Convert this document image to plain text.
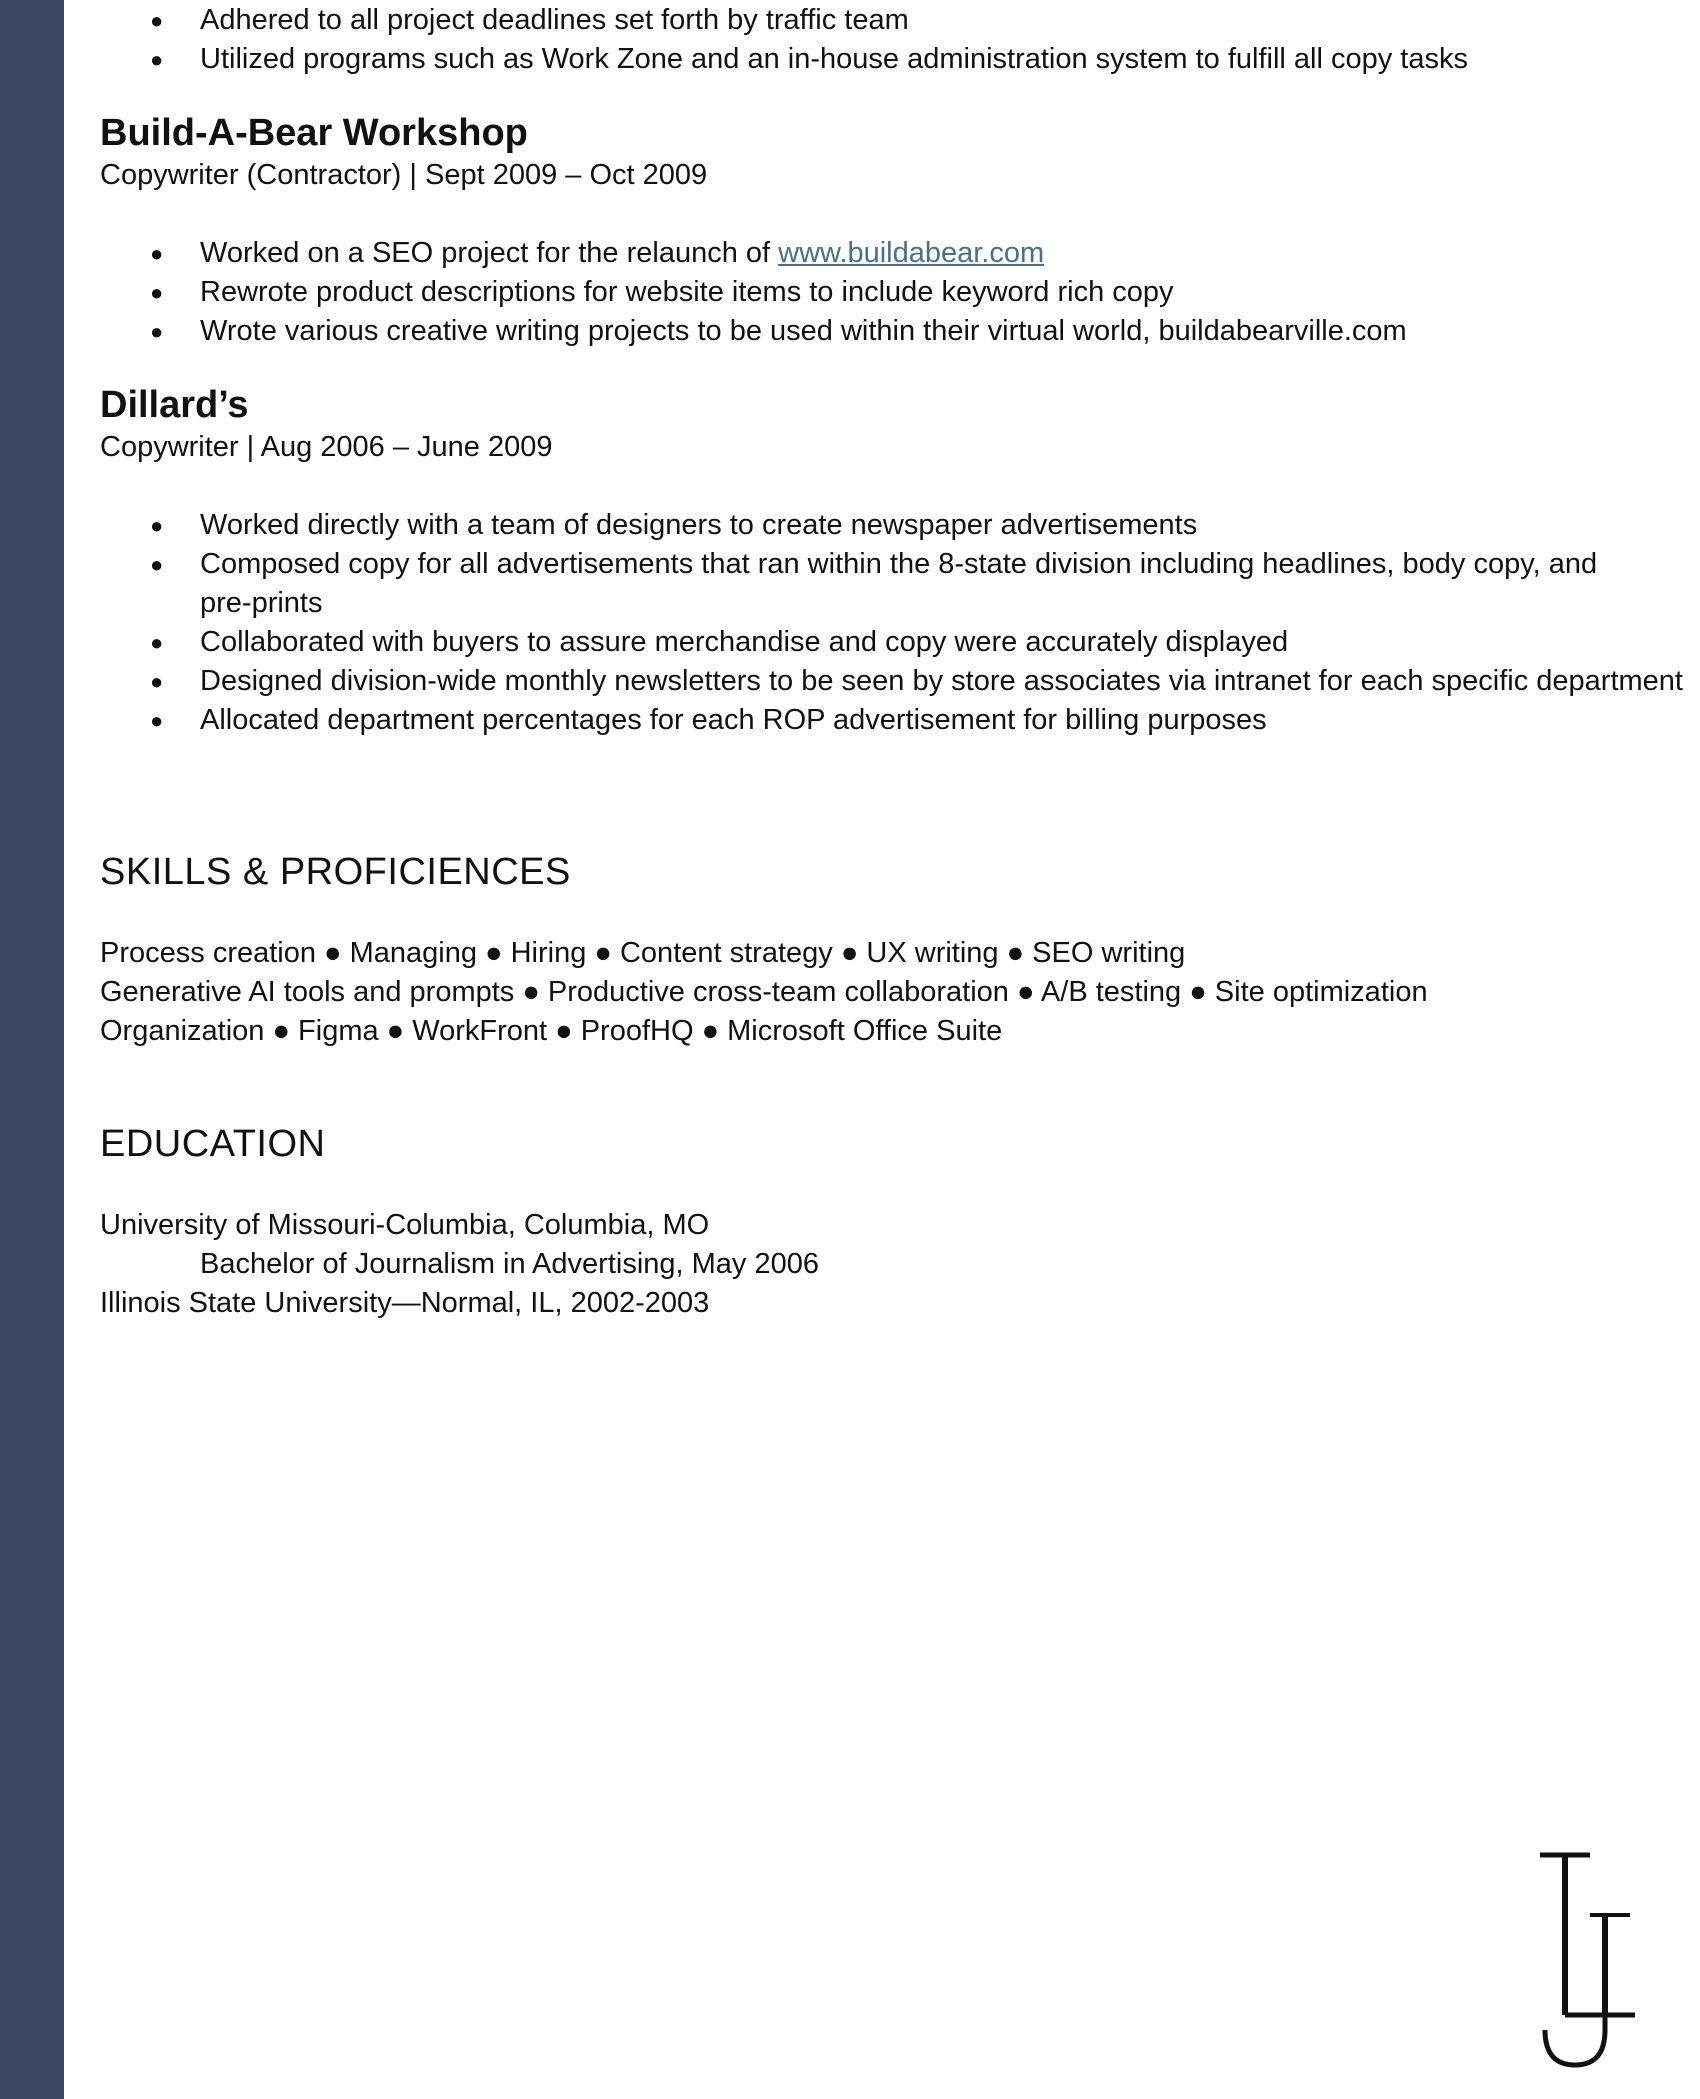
● Adhered to all project deadlines set forth by traffic team
● Utilized programs such as Work Zone and an in-house administration system to fulfill all copy tasks
Build-A-Bear Workshop
Copywriter (Contractor) | Sept 2009 – Oct 2009
● Worked on a SEO project for the relaunch of www.buildabear.com
● Rewrote product descriptions for website items to include keyword rich copy
● Wrote various creative writing projects to be used within their virtual world, buildabearville.com
Dillard’s
Copywriter | Aug 2006 – June 2009
● Worked directly with a team of designers to create newspaper advertisements
● Composed copy for all advertisements that ran within the 8-state division including headlines, body copy, and pre-prints
● Collaborated with buyers to assure merchandise and copy were accurately displayed
● Designed division-wide monthly newsletters to be seen by store associates via intranet for each specific department
● Allocated department percentages for each ROP advertisement for billing purposes
SKILLS & PROFICIENCES
Process creation ● Managing ● Hiring ● Content strategy ● UX writing ● SEO writing
Generative AI tools and prompts ● Productive cross-team collaboration ● A/B testing ● Site optimization
Organization ● Figma ● WorkFront ● ProofHQ ● Microsoft Office Suite
EDUCATION
University of Missouri-Columbia, Columbia, MO
Bachelor of Journalism in Advertising, May 2006
Illinois State University—Normal, IL, 2002-2003
